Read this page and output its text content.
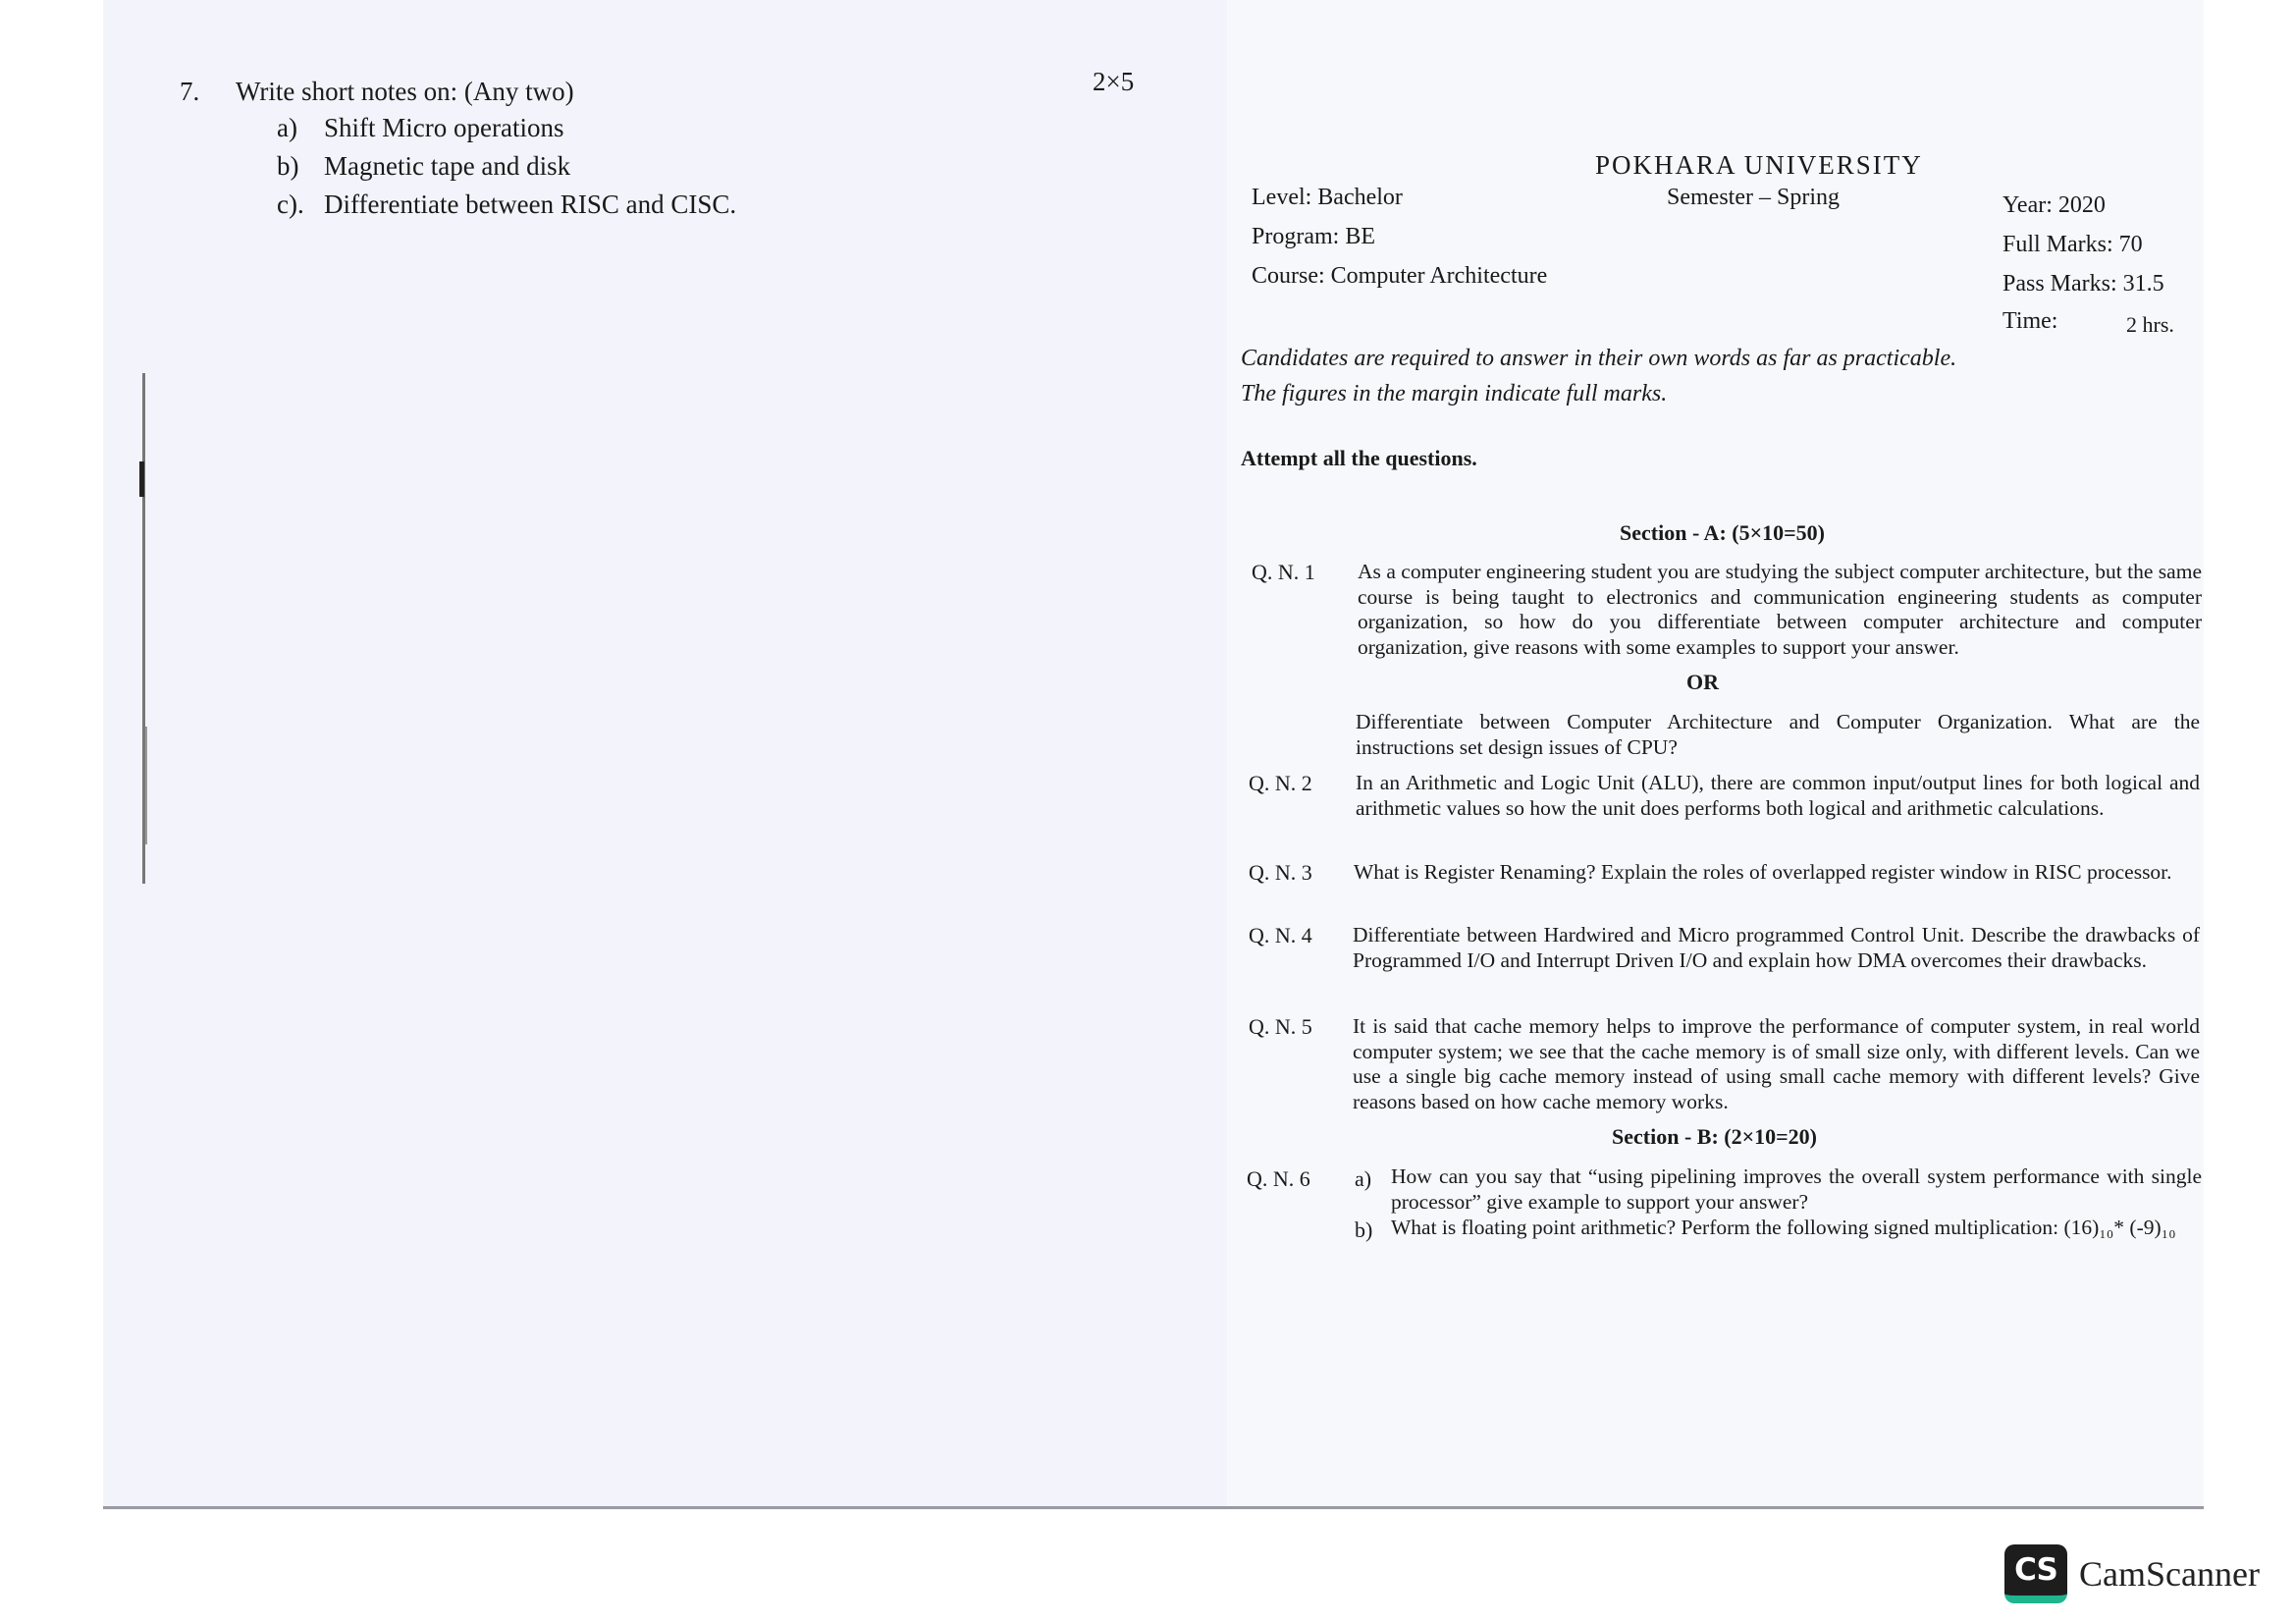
7. Write short notes on: (Any two)	2×5
a) Shift Micro operations
b) Magnetic tape and disk
c). Differentiate between RISC and CISC.
POKHARA UNIVERSITY
Level: Bachelor	Semester – Spring	Year: 2020
Program: BE	Full Marks: 70
Course: Computer Architecture	Pass Marks: 31.5
Time:	2 hrs.
Candidates are required to answer in their own words as far as practicable.
The figures in the margin indicate full marks.
Attempt all the questions.
Section - A: (5×10=50)
Q. N. 1 As a computer engineering student you are studying the subject computer architecture, but the same course is being taught to electronics and communication engineering students as computer organization, so how do you differentiate between computer architecture and computer organization, give reasons with some examples to support your answer.
OR
Differentiate between Computer Architecture and Computer Organization. What are the instructions set design issues of CPU?
Q. N. 2 In an Arithmetic and Logic Unit (ALU), there are common input/output lines for both logical and arithmetic values so how the unit does performs both logical and arithmetic calculations.
Q. N. 3 What is Register Renaming? Explain the roles of overlapped register window in RISC processor.
Q. N. 4 Differentiate between Hardwired and Micro programmed Control Unit. Describe the drawbacks of Programmed I/O and Interrupt Driven I/O and explain how DMA overcomes their drawbacks.
Q. N. 5 It is said that cache memory helps to improve the performance of computer system, in real world computer system; we see that the cache memory is of small size only, with different levels. Can we use a single big cache memory instead of using small cache memory with different levels? Give reasons based on how cache memory works.
Section - B: (2×10=20)
Q. N. 6 a) How can you say that “using pipelining improves the overall system performance with single processor” give example to support your answer?
b) What is floating point arithmetic? Perform the following signed multiplication: (16)₁₀* (-9)₁₀
CS CamScanner
